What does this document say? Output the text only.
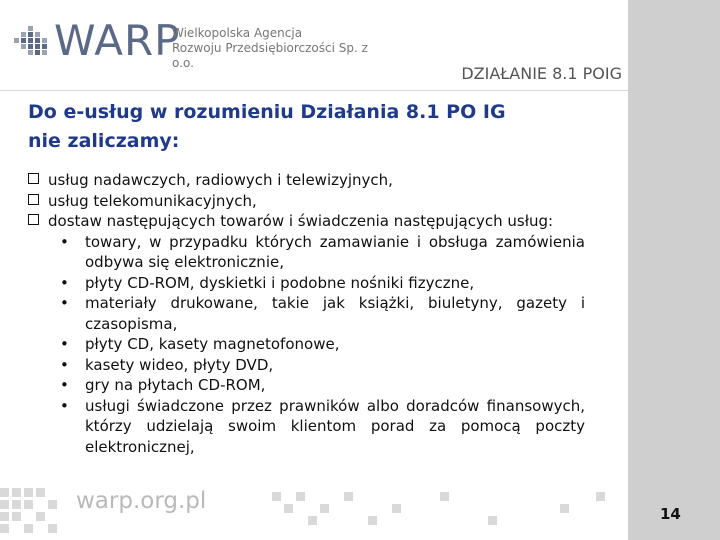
WARP
Wielkopolska Agencja
Rozwoju Przedsiębiorczości Sp. z o.o.
DZIAŁANIE 8.1 POIG
Do e-usług w rozumieniu Działania 8.1 PO IG
nie zaliczamy:
usług nadawczych, radiowych i telewizyjnych,
usług telekomunikacyjnych,
dostaw następujących towarów i świadczenia następujących usług:
• towary, w przypadku których zamawianie i obsługa zamówienia odbywa się elektronicznie,
• płyty CD-ROM, dyskietki i podobne nośniki fizyczne,
• materiały drukowane, takie jak książki, biuletyny, gazety i czasopisma,
• płyty CD, kasety magnetofonowe,
• kasety wideo, płyty DVD,
• gry na płytach CD-ROM,
• usługi świadczone przez prawników albo doradców finansowych, którzy udzielają swoim klientom porad za pomocą poczty elektronicznej,
warp.org.pl	14
